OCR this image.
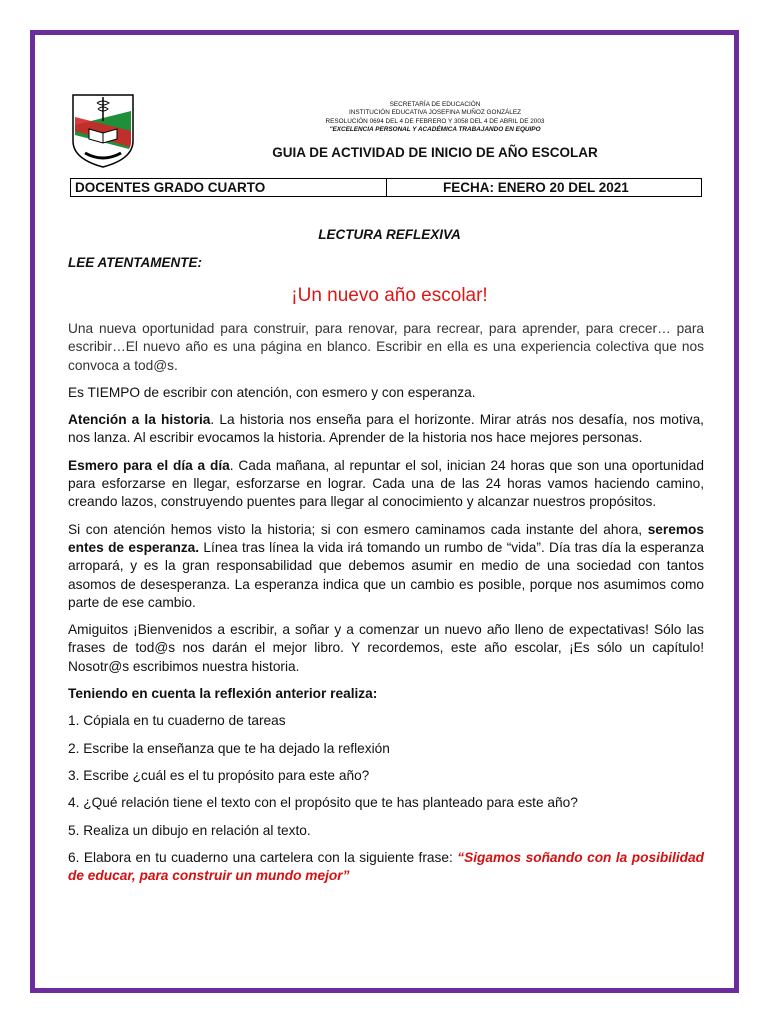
· · · · · ·
SECRETARÍA DE EDUCACIÓN
INSTITUCIÓN EDUCATIVA JOSEFINA MUÑOZ GONZÁLEZ
RESOLUCIÓN 0694 DEL 4 DE FEBRERO Y 3058 DEL 4 DE ABRIL DE 2003
"EXCELENCIA PERSONAL Y ACADÉMICA TRABAJANDO EN EQUIPO
GUIA DE ACTIVIDAD DE INICIO DE AÑO ESCOLAR
DOCENTES GRADO CUARTO	FECHA: ENERO 20 DEL 2021
LECTURA REFLEXIVA
LEE ATENTAMENTE:
¡Un nuevo año escolar!

Una nueva oportunidad para construir, para renovar, para recrear, para aprender, para crecer… para escribir…El nuevo año es una página en blanco. Escribir en ella es una experiencia colectiva que nos convoca a tod@s.

Es TIEMPO de escribir con atención, con esmero y con esperanza.

Atención a la historia. La historia nos enseña para el horizonte. Mirar atrás nos desafía, nos motiva, nos lanza. Al escribir evocamos la historia. Aprender de la historia nos hace mejores personas.

Esmero para el día a día. Cada mañana, al repuntar el sol, inician 24 horas que son una oportunidad para esforzarse en llegar, esforzarse en lograr. Cada una de las 24 horas vamos haciendo camino, creando lazos, construyendo puentes para llegar al conocimiento y alcanzar nuestros propósitos.

Si con atención hemos visto la historia; si con esmero caminamos cada instante del ahora, seremos entes de esperanza. Línea tras línea la vida irá tomando un rumbo de “vida”. Día tras día la esperanza arropará, y es la gran responsabilidad que debemos asumir en medio de una sociedad con tantos asomos de desesperanza. La esperanza indica que un cambio es posible, porque nos asumimos como parte de ese cambio.

Amiguitos ¡Bienvenidos a escribir, a soñar y a comenzar un nuevo año lleno de expectativas! Sólo las frases de tod@s nos darán el mejor libro. Y recordemos, este año escolar, ¡Es sólo un capítulo! Nosotr@s escribimos nuestra historia.

Teniendo en cuenta la reflexión anterior realiza:

1. Cópiala en tu cuaderno de tareas

2. Escribe la enseñanza que te ha dejado la reflexión

3. Escribe ¿cuál es el tu propósito para este año?

4. ¿Qué relación tiene el texto con el propósito que te has planteado para este año?

5. Realiza un dibujo en relación al texto.

6. Elabora en tu cuaderno una cartelera con la siguiente frase: “Sigamos soñando con la posibilidad de educar, para construir un mundo mejor”
